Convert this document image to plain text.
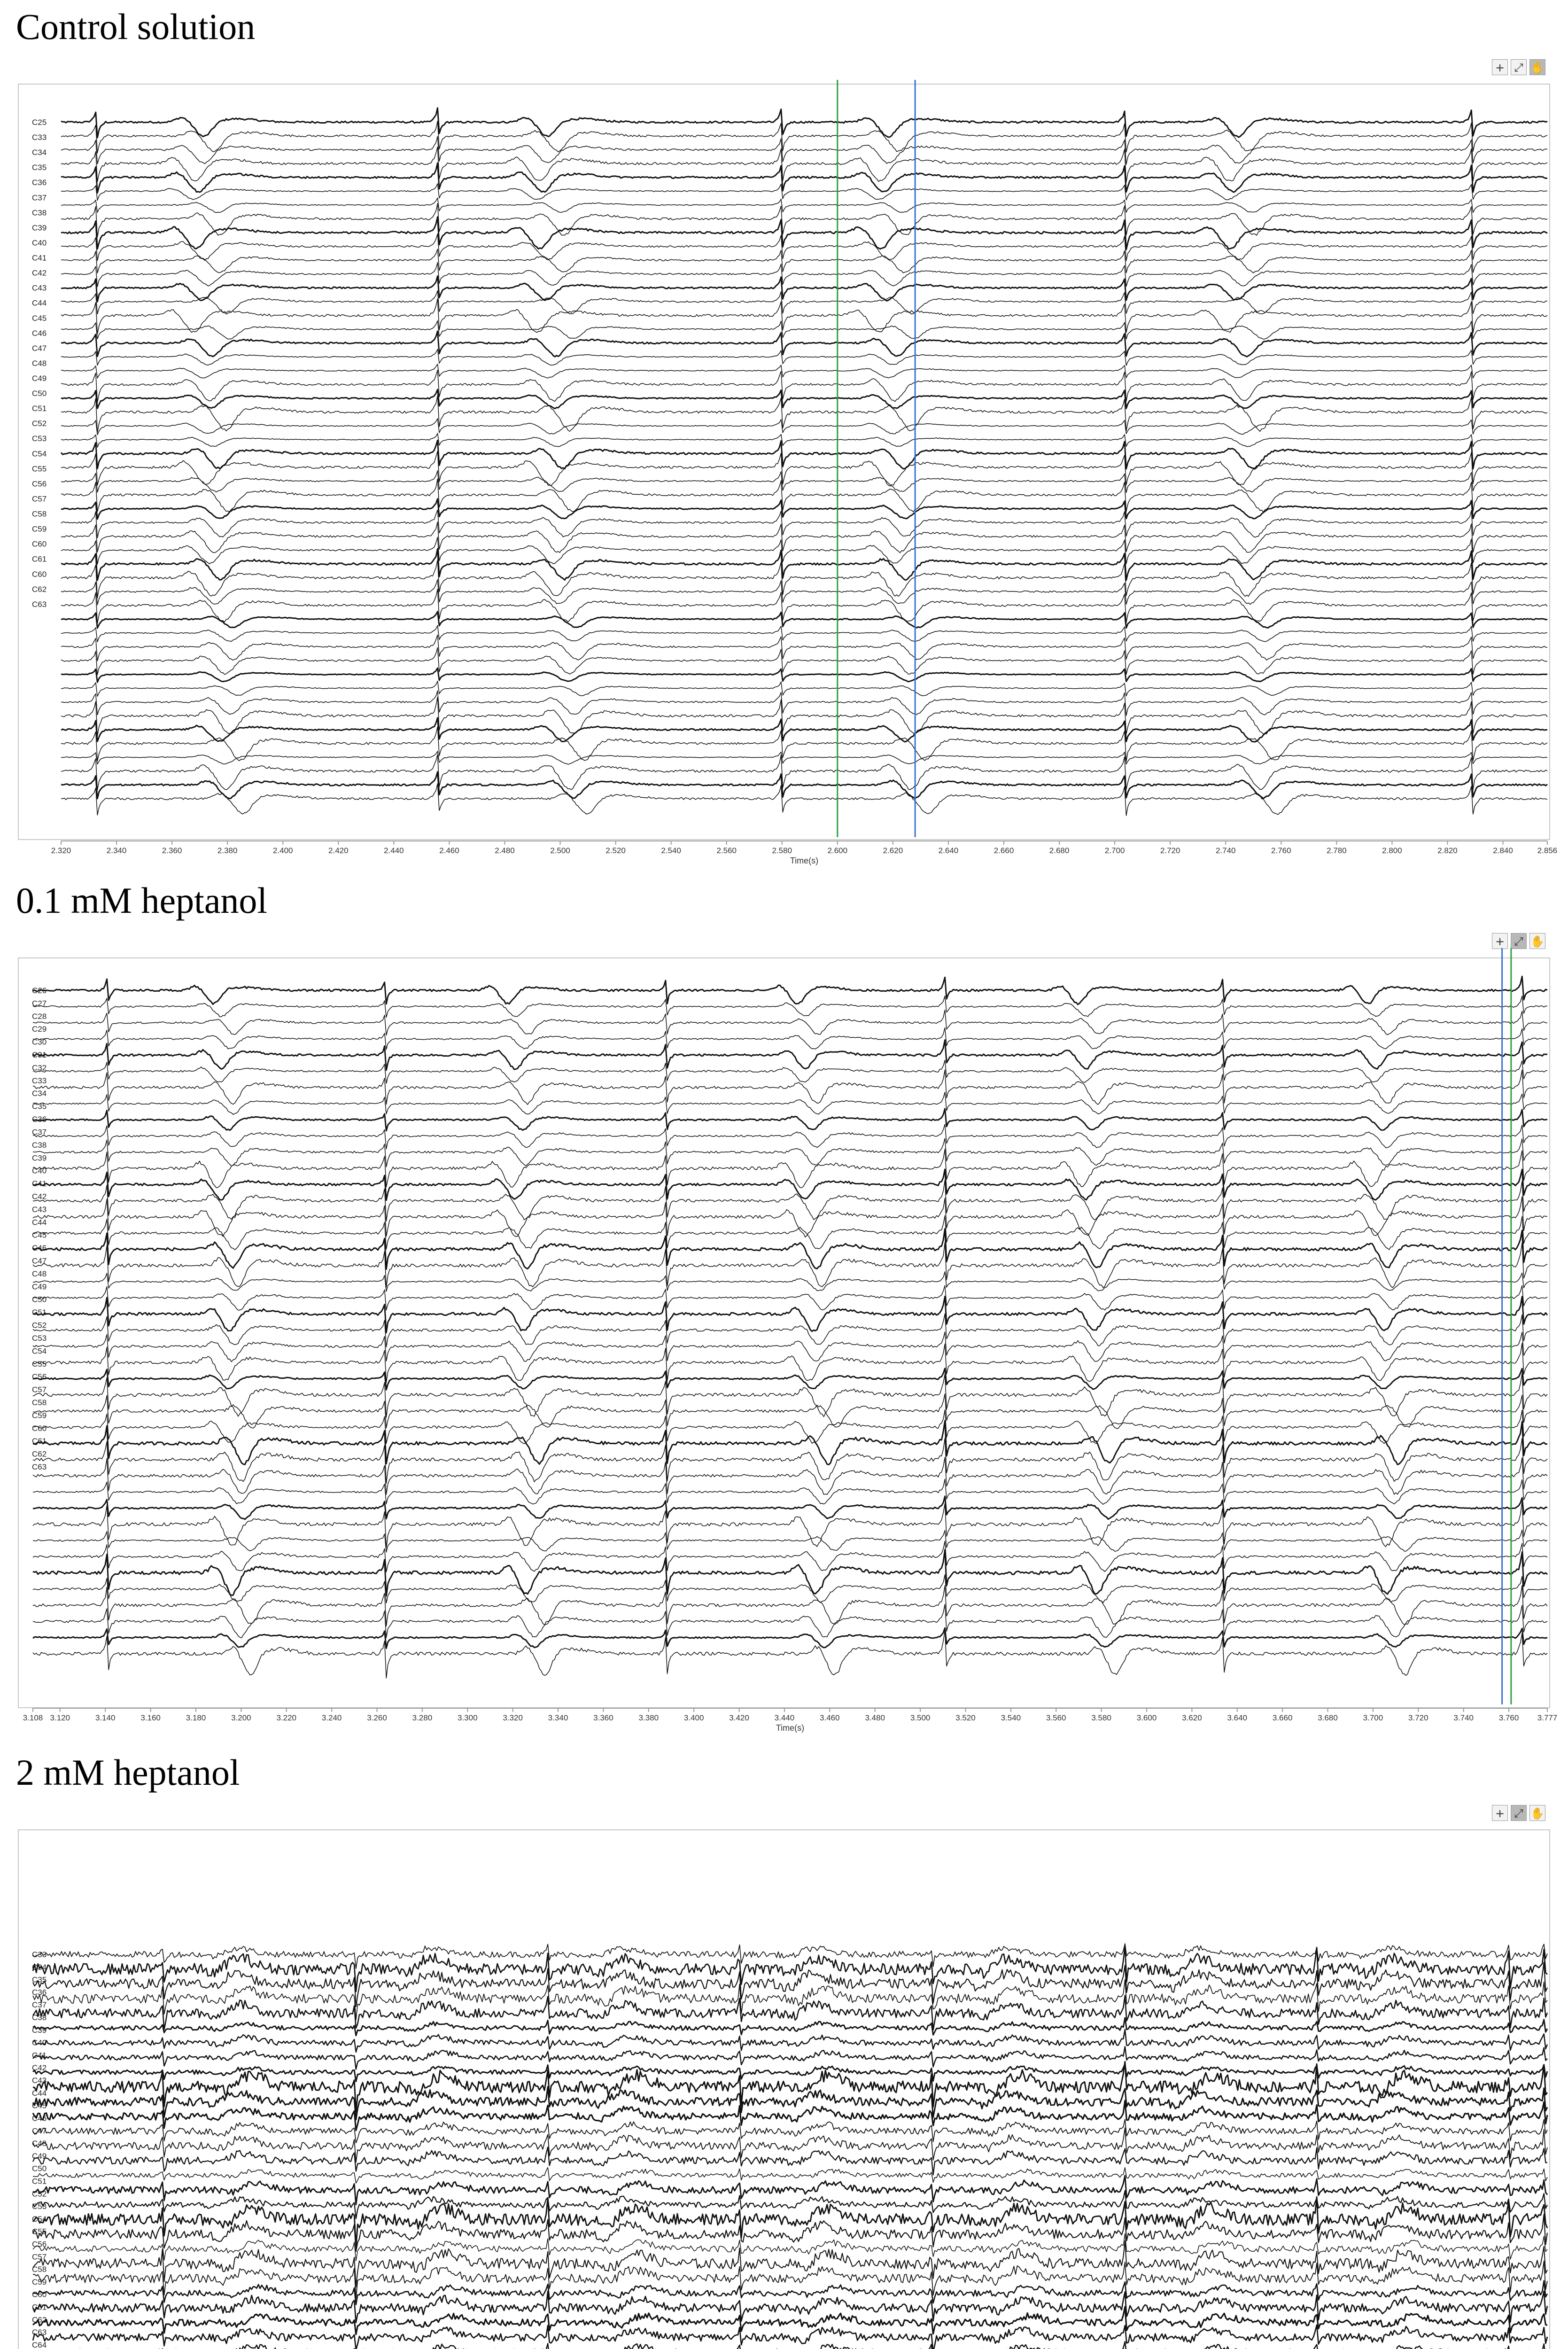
Control solution
+ ⤢ ✋
0.1 mM heptanol
+ ⤢ ✋
2 mM heptanol
+ ⤢ ✋
2.320	2.340	2.360	2.380	2.400	2.420	2.440	2.460	2.480	2.500	2.520	2.540	2.560	2.580	2.600	2.620	2.640	2.660	2.680	2.700	2.720	2.740	2.760	2.780	2.800	2.820	2.840	2.856
Time(s)
C25
C33
C34
C35
C36
C37
C38
C39
C40
C41
C42
C43
C44
C45
C46
C47
C48
C49
C50
C51
C52
C53
C54
C55
C56
C57
C58
C59
C60
C61
C60
C62
C63
3.108 3.120	3.140	3.160	3.180	3.200	3.220	3.240	3.260	3.280	3.300	3.320	3.340	3.360	3.380	3.400	3.420	3.440	3.460	3.480	3.500	3.520	3.540	3.560	3.580	3.600	3.620	3.640	3.660	3.680	3.700	3.720	3.740	3.760 3.777
Time(s)
C26
C27
C28
C29
C30
C31
C32
C33
C34
C35
C36
C37
C38
C39
C40
C41
C42
C43
C44
C45
C46
C47
C48
C49
C50
C51
C52
C53
C54
C55
C56
C57
C58
C59
C60
C61
C62
C63
C33
C34
C35
C36
C37
C38
C39
C40
C41
C42
C43
C44
C45
C46
C47
C48
C49
C50
C51
C52
C53
C54
C55
C56
C57
C58
C59
C60
C61
C62
C63
C64
